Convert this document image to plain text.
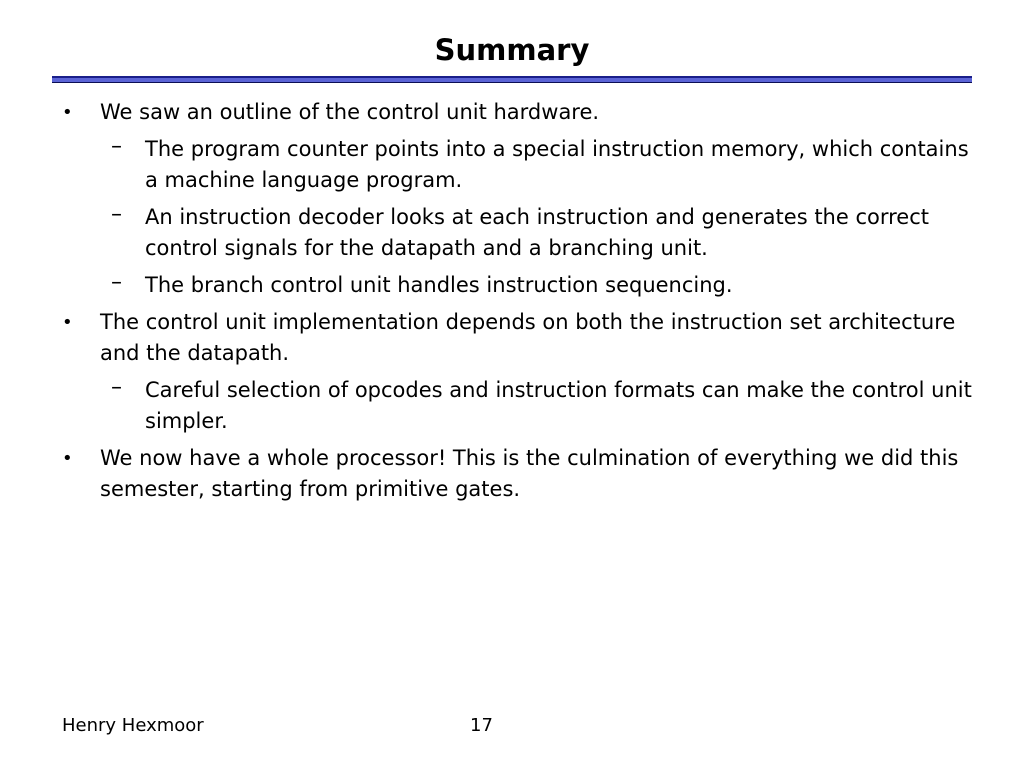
Summary
• We saw an outline of the control unit hardware.
– The program counter points into a special instruction memory, which contains a machine language program.
– An instruction decoder looks at each instruction and generates the correct control signals for the datapath and a branching unit.
– The branch control unit handles instruction sequencing.
• The control unit implementation depends on both the instruction set architecture and the datapath.
– Careful selection of opcodes and instruction formats can make the control unit simpler.
• We now have a whole processor! This is the culmination of everything we did this semester, starting from primitive gates.
Henry Hexmoor	17
